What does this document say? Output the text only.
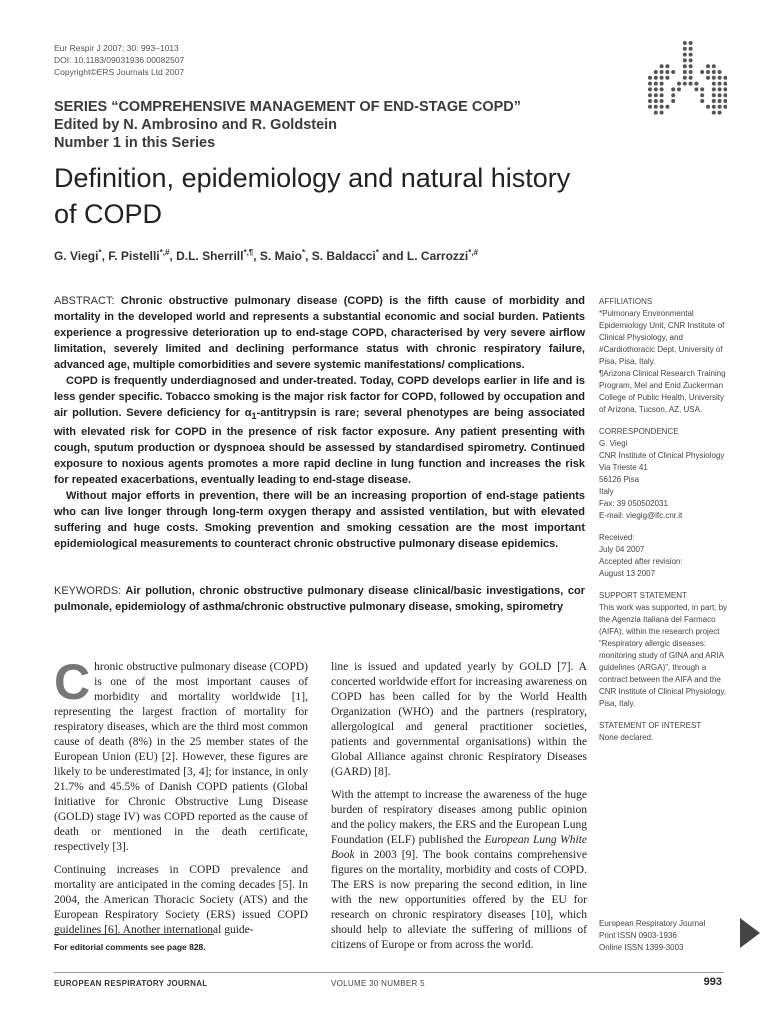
Eur Respir J 2007; 30: 993–1013
DOI: 10.1183/09031936.00082507
Copyright©ERS Journals Ltd 2007
SERIES “COMPREHENSIVE MANAGEMENT OF END-STAGE COPD”
Edited by N. Ambrosino and R. Goldstein
Number 1 in this Series
Definition, epidemiology and natural history
of COPD
G. Viegi*, F. Pistelli*,#, D.L. Sherrill*,¶, S. Maio*, S. Baldacci* and L. Carrozzi*,#

ABSTRACT: Chronic obstructive pulmonary disease (COPD) is the fifth cause of morbidity and mortality in the developed world and represents a substantial economic and social burden. Patients experience a progressive deterioration up to end-stage COPD, characterised by very severe airflow limitation, severely limited and declining performance status with chronic respiratory failure, advanced age, multiple comorbidities and severe systemic manifestations/ complications.

COPD is frequently underdiagnosed and under-treated. Today, COPD develops earlier in life and is less gender specific. Tobacco smoking is the major risk factor for COPD, followed by occupation and air pollution. Severe deficiency for $\alpha_1$-antitrypsin is rare; several phenotypes are being associated with elevated risk for COPD in the presence of risk factor exposure. Any patient presenting with cough, sputum production or dyspnoea should be assessed by standardised spirometry. Continued exposure to noxious agents promotes a more rapid decline in lung function and increases the risk for repeated exacerbations, eventually leading to end-stage disease.

Without major efforts in prevention, there will be an increasing proportion of end-stage patients who can live longer through long-term oxygen therapy and assisted ventilation, but with elevated suffering and huge costs. Smoking prevention and smoking cessation are the most important epidemiological measurements to counteract chronic obstructive pulmonary disease epidemics.

KEYWORDS: Air pollution, chronic obstructive pulmonary disease clinical/basic investigations, cor pulmonale, epidemiology of asthma/chronic obstructive pulmonary disease, smoking, spirometry

Chronic obstructive pulmonary disease (COPD) is one of the most important causes of morbidity and mortality worldwide [1], representing the largest fraction of mortality for respiratory diseases, which are the third most common cause of death (8%) in the 25 member states of the European Union (EU) [2]. However, these figures are likely to be underestimated [3, 4]; for instance, in only 21.7% and 45.5% of Danish COPD patients (Global Initiative for Chronic Obstructive Lung Disease (GOLD) stage IV) was COPD reported as the cause of death or mentioned in the death certificate, respectively [3].

Continuing increases in COPD prevalence and mortality are anticipated in the coming decades [5]. In 2004, the American Thoracic Society (ATS) and the European Respiratory Society (ERS) issued COPD guidelines [6]. Another international guide-

line is issued and updated yearly by GOLD [7]. A concerted worldwide effort for increasing awareness on COPD has been called for by the World Health Organization (WHO) and the partners (respiratory, allergological and general practitioner societies, patients and governmental organisations) within the Global Alliance against chronic Respiratory Diseases (GARD) [8].

With the attempt to increase the awareness of the huge burden of respiratory diseases among public opinion and the policy makers, the ERS and the European Lung Foundation (ELF) published the European Lung White Book in 2003 [9]. The book contains comprehensive figures on the mortality, morbidity and costs of COPD. The ERS is now preparing the second edition, in line with the new opportunities offered by the EU for research on chronic respiratory diseases [10], which should help to alleviate the suffering of millions of citizens of Europe or from across the world.

For editorial comments see page 828.

AFFILIATIONS

*Pulmonary Environmental Epidemiology Unit, CNR Institute of Clinical Physiology, and

#Cardiothoracic Dept, University of Pisa, Pisa, Italy.

¶Arizona Clinical Research Training Program, Mel and Enid Zuckerman College of Public Health, University of Arizona, Tucson, AZ, USA.

CORRESPONDENCE

G. Viegi

CNR Institute of Clinical Physiology

Via Trieste 41

56126 Pisa

Italy

Fax: 39 050502031

E-mail: viegig@ifc.cnr.it

Received:

July 04 2007

Accepted after revision:

August 13 2007

SUPPORT STATEMENT

This work was supported, in part, by the Agenzia Italiana del Farmaco (AIFA), within the research project “Respiratory allergic diseases: monitoring study of GINA and ARIA guidelines (ARGA)”, through a contract between the AIFA and the CNR Institute of Clinical Physiology, Pisa, Italy.

STATEMENT OF INTEREST

None declared.

European Respiratory Journal
Print ISSN 0903-1936
Online ISSN 1399-3003
EUROPEAN RESPIRATORY JOURNAL	VOLUME 30 NUMBER 5	993
